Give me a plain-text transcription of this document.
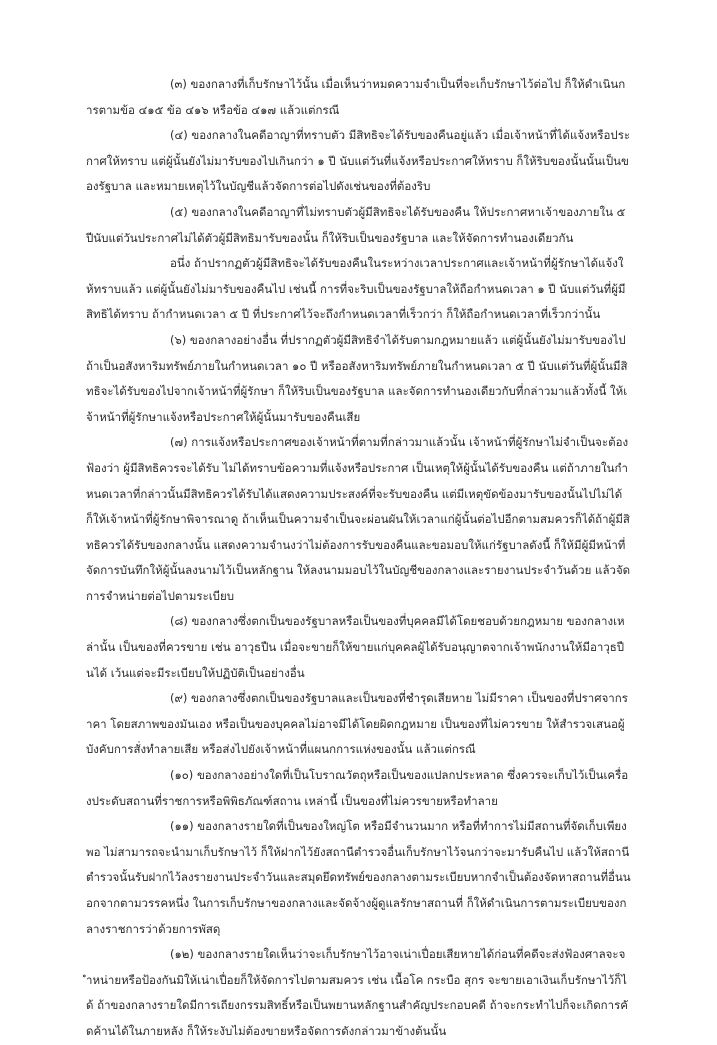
(๓) ของกลางที่เก็บรักษาไว้นั้น เมื่อเห็นว่าหมดความจำเป็นที่จะเก็บรักษาไว้ต่อไป ก็ให้ดำเนินการตามข้อ ๔๑๕ ข้อ ๔๑๖ หรือข้อ ๔๑๗ แล้วแต่กรณี

(๔) ของกลางในคดีอาญาที่ทราบตัว มีสิทธิจะได้รับของคืนอยู่แล้ว เมื่อเจ้าหน้าที่ได้แจ้งหรือประกาศให้ทราบ แต่ผู้นั้นยังไม่มารับของไปเกินกว่า ๑ ปี นับแต่วันที่แจ้งหรือประกาศให้ทราบ ก็ให้ริบของนั้นนั้นเป็นของรัฐบาล และหมายเหตุไว้ในบัญชีแล้วจัดการต่อไปดังเช่นของที่ต้องริบ

(๕) ของกลางในคดีอาญาที่ไม่ทราบตัวผู้มีสิทธิจะได้รับของคืน ให้ประกาศหาเจ้าของภายใน ๕ ปีนับแต่วันประกาศไม่ได้ตัวผู้มีสิทธิมารับของนั้น ก็ให้ริบเป็นของรัฐบาล และให้จัดการทำนองเดียวกัน

อนึ่ง ถ้าปรากฏตัวผู้มีสิทธิจะได้รับของคืนในระหว่างเวลาประกาศและเจ้าหน้าที่ผู้รักษาได้แจ้งให้ทราบแล้ว แต่ผู้นั้นยังไม่มารับของคืนไป เช่นนี้ การที่จะริบเป็นของรัฐบาลให้ถือกำหนดเวลา ๑ ปี นับแต่วันที่ผู้มีสิทธิได้ทราบ ถ้ากำหนดเวลา ๕ ปี ที่ประกาศไว้จะถึงกำหนดเวลาที่เร็วกว่า ก็ให้ถือกำหนดเวลาที่เร็วกว่านั้น

(๖) ของกลางอย่างอื่น ที่ปรากฏตัวผู้มีสิทธิจำได้รับตามกฎหมายแล้ว แต่ผู้นั้นยังไม่มารับของไป ถ้าเป็นอสังหาริมทรัพย์ภายในกำหนดเวลา ๑๐ ปี หรืออสังหาริมทรัพย์ภายในกำหนดเวลา ๕ ปี นับแต่วันที่ผู้นั้นมีสิทธิจะได้รับของไปจากเจ้าหน้าที่ผู้รักษา ก็ให้ริบเป็นของรัฐบาล และจัดการทำนองเดียวกับที่กล่าวมาแล้วทั้งนี้ ให้เจ้าหน้าที่ผู้รักษาแจ้งหรือประกาศให้ผู้นั้นมารับของคืนเสีย

(๗) การแจ้งหรือประกาศของเจ้าหน้าที่ตามที่กล่าวมาแล้วนั้น เจ้าหน้าที่ผู้รักษาไม่จำเป็นจะต้องฟ้องว่า ผู้มีสิทธิควรจะได้รับ ไม่ได้ทราบข้อความที่แจ้งหรือประกาศ เป็นเหตุให้ผู้นั้นได้รับของคืน แต่ถ้าภายในกำหนดเวลาที่กล่าวนั้นมีสิทธิควรได้รับได้แสดงความประสงค์ที่จะรับของคืน แต่มีเหตุขัดข้องมารับของนั้นไปไม่ได้ ก็ให้เจ้าหน้าที่ผู้รักษาพิจารณาดู ถ้าเห็นเป็นความจำเป็นจะผ่อนผันให้เวลาแก่ผู้นั้นต่อไปอีกตามสมควรก็ได้ถ้าผู้มีสิทธิควรได้รับของกลางนั้น แสดงความจำนงว่าไม่ต้องการรับของคืนและขอมอบให้แก่รัฐบาลดังนี้ ก็ให้มีผู้มีหน้าที่จัดการบันทึกให้ผู้นั้นลงนามไว้เป็นหลักฐาน ให้ลงนามมอบไว้ในบัญชีของกลางและรายงานประจำวันด้วย แล้วจัดการจำหน่ายต่อไปตามระเบียบ

(๘) ของกลางซึ่งตกเป็นของรัฐบาลหรือเป็นของที่บุคคลมีได้โดยชอบด้วยกฎหมาย ของกลางเหล่านั้น เป็นของที่ควรขาย เช่น อาวุธปืน เมื่อจะขายก็ให้ขายแก่บุคคลผู้ได้รับอนุญาตจากเจ้าพนักงานให้มีอาวุธปืนได้ เว้นแต่จะมีระเบียบให้ปฏิบัติเป็นอย่างอื่น

(๙) ของกลางซึ่งตกเป็นของรัฐบาลและเป็นของที่ชำรุดเสียหาย ไม่มีราคา เป็นของที่ปราศจากราคา โดยสภาพของมันเอง หรือเป็นของบุคคลไม่อาจมีได้โดยผิดกฎหมาย เป็นของที่ไม่ควรขาย ให้สำรวจเสนอผู้บังคับการสั่งทำลายเสีย หรือส่งไปยังเจ้าหน้าที่แผนกการแห่งของนั้น แล้วแต่กรณี

(๑๐) ของกลางอย่างใดที่เป็นโบราณวัตถุหรือเป็นของแปลกประหลาด ซึ่งควรจะเก็บไว้เป็นเครื่องประดับสถานที่ราชการหรือพิพิธภัณฑ์สถาน เหล่านี้ เป็นของที่ไม่ควรขายหรือทำลาย

(๑๑) ของกลางรายใดที่เป็นของใหญ่โต หรือมีจำนวนมาก หรือที่ทำการไม่มีสถานที่จัดเก็บเพียงพอ ไม่สามารถจะนำมาเก็บรักษาไว้ ก็ให้ฝากไว้ยังสถานีตำรวจอื่นเก็บรักษาไว้จนกว่าจะมารับคืนไป แล้วให้สถานีตำรวจนั้นรับฝากไว้ลงรายงานประจำวันและสมุดยึดทรัพย์ของกลางตามระเบียบหากจำเป็นต้องจัดหาสถานที่อื่นนอกจากตามวรรคหนึ่ง ในการเก็บรักษาของกลางและจัดจ้างผู้ดูแลรักษาสถานที่ ก็ให้ดำเนินการตามระเบียบของกลางราชการว่าด้วยการพัสดุ

(๑๒) ของกลางรายใดเห็นว่าจะเก็บรักษาไว้อาจเน่าเปื่อยเสียหายได้ก่อนที่คดีจะส่งฟ้องศาลจะจำหน่ายหรือป้องกันมิให้เน่าเปื่อยก็ให้จัดการไปตามสมควร เช่น เนื้อโค กระบือ สุกร จะขายเอาเงินเก็บรักษาไว้ก็ได้ ถ้าของกลางรายใดมีการเถียงกรรมสิทธิ์หรือเป็นพยานหลักฐานสำคัญประกอบคดี ถ้าจะกระทำไปก็จะเกิดการคัดค้านได้ในภายหลัง ก็ให้ระงับไม่ต้องขายหรือจัดการดังกล่าวมาข้างต้นนั้น
